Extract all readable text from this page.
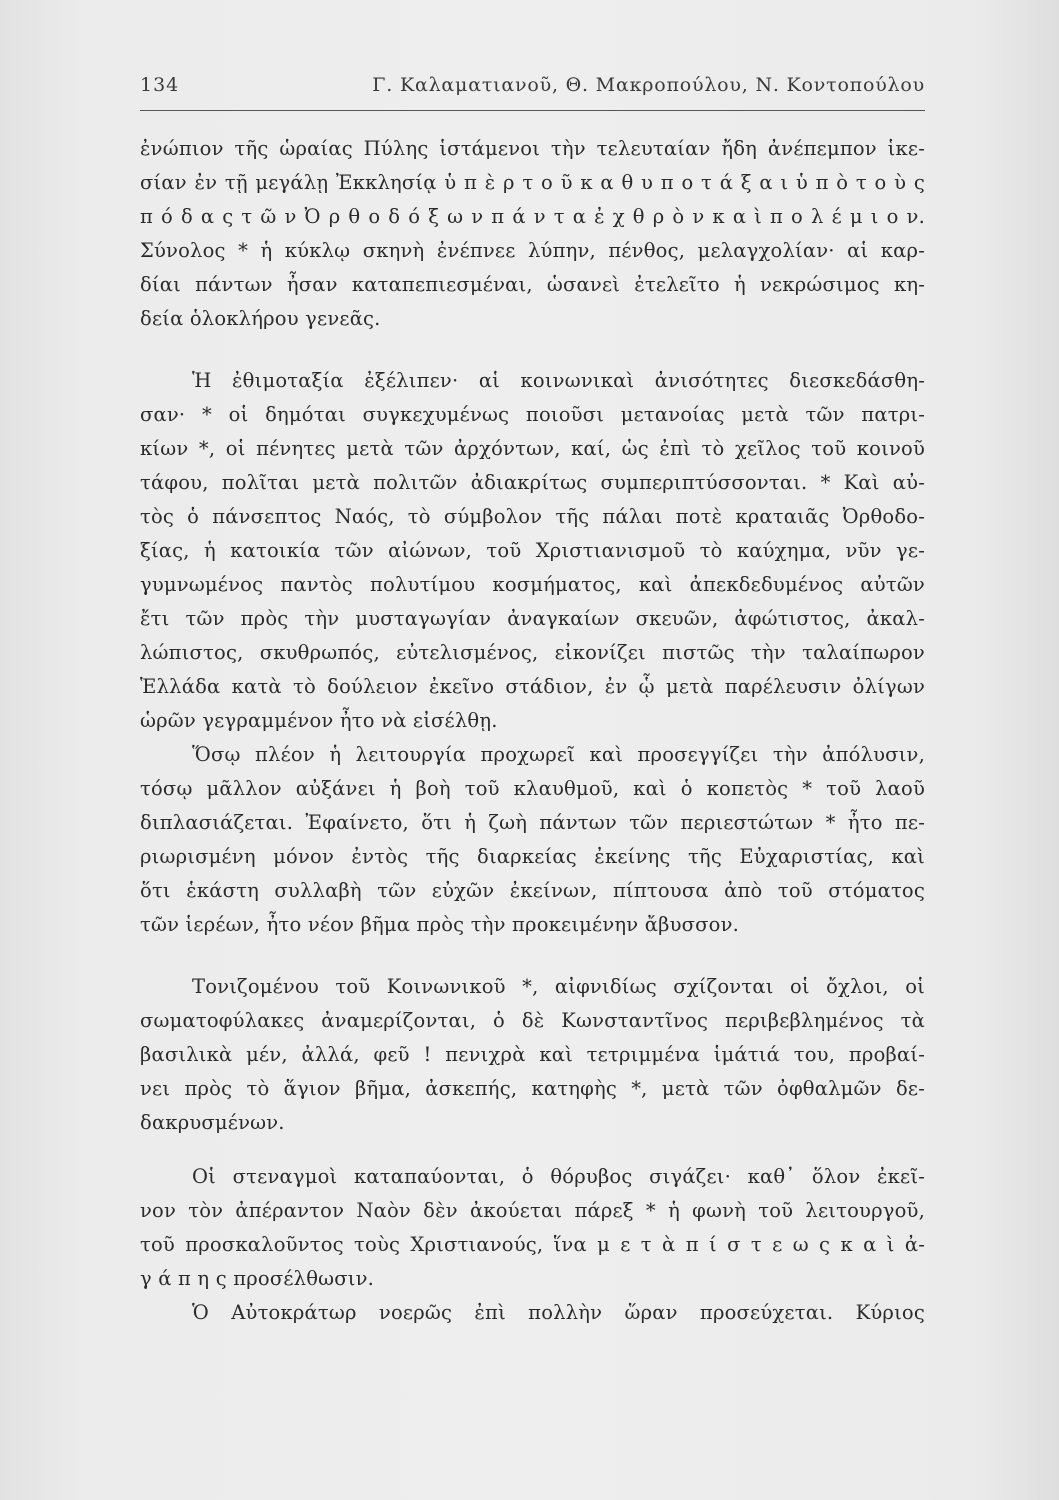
134	Γ. Καλαματιανοῦ, Θ. Μακροπούλου, Ν. Κοντοπούλου
ἐνώπιον τῆς ὡραίας Πύλης ἱστάμενοι τὴν τελευταίαν ἤδη ἀνέπεμπον ἱκε-
σίαν ἐν τῇ μεγάλῃ Ἐκκλησίᾳ ὑ π ὲ ρ τ ο ῦ κ α θ υ π ο τ ά ξ α ι ὑ π ὸ τ ο ὺ ς
π ό δ α ς τ ῶ ν Ὀ ρ θ ο δ ό ξ ω ν π ά ν τ α ἐ χ θ ρ ὸ ν κ α ὶ π ο λ έ μ ι ο ν.
Σύνολος * ἡ κύκλῳ σκηνὴ ἐνέπνεε λύπην, πένθος, μελαγχολίαν· αἱ καρ-
δίαι πάντων ἦσαν καταπεπιεσμέναι, ὡσανεὶ ἐτελεῖτο ἡ νεκρώσιμος κη-
δεία ὁλοκλήρου γενεᾶς.
Ἡ ἐθιμοταξία ἐξέλιπεν· αἱ κοινωνικαὶ ἀνισότητες διεσκεδάσθη-
σαν· * οἱ δημόται συγκεχυμένως ποιοῦσι μετανοίας μετὰ τῶν πατρι-
κίων *, οἱ πένητες μετὰ τῶν ἀρχόντων, καί, ὡς ἐπὶ τὸ χεῖλος τοῦ κοινοῦ
τάφου, πολῖται μετὰ πολιτῶν ἀδιακρίτως συμπεριπτύσσονται. * Καὶ αὐ-
τὸς ὁ πάνσεπτος Ναός, τὸ σύμβολον τῆς πάλαι ποτὲ κραταιᾶς Ὀρθοδο-
ξίας, ἡ κατοικία τῶν αἰώνων, τοῦ Χριστιανισμοῦ τὸ καύχημα, νῦν γε-
γυμνωμένος παντὸς πολυτίμου κοσμήματος, καὶ ἀπεκδεδυμένος αὐτῶν
ἔτι τῶν πρὸς τὴν μυσταγωγίαν ἀναγκαίων σκευῶν, ἀφώτιστος, ἀκαλ-
λώπιστος, σκυθρωπός, εὐτελισμένος, εἰκονίζει πιστῶς τὴν ταλαίπωρον
Ἑλλάδα κατὰ τὸ δούλειον ἐκεῖνο στάδιον, ἐν ᾧ μετὰ παρέλευσιν ὀλίγων
ὡρῶν γεγραμμένον ἦτο νὰ εἰσέλθῃ.
Ὅσῳ πλέον ἡ λειτουργία προχωρεῖ καὶ προσεγγίζει τὴν ἀπόλυσιν,
τόσῳ μᾶλλον αὐξάνει ἡ βοὴ τοῦ κλαυθμοῦ, καὶ ὁ κοπετὸς * τοῦ λαοῦ
διπλασιάζεται. Ἐφαίνετο, ὅτι ἡ ζωὴ πάντων τῶν περιεστώτων * ἦτο πε-
ριωρισμένη μόνον ἐντὸς τῆς διαρκείας ἐκείνης τῆς Εὐχαριστίας, καὶ
ὅτι ἑκάστη συλλαβὴ τῶν εὐχῶν ἐκείνων, πίπτουσα ἀπὸ τοῦ στόματος
τῶν ἱερέων, ἦτο νέον βῆμα πρὸς τὴν προκειμένην ἄβυσσον.
Τονιζομένου τοῦ Κοινωνικοῦ *, αἰφνιδίως σχίζονται οἱ ὄχλοι, οἱ
σωματοφύλακες ἀναμερίζονται, ὁ δὲ Κωνσταντῖνος περιβεβλημένος τὰ
βασιλικὰ μέν, ἀλλά, φεῦ ! πενιχρὰ καὶ τετριμμένα ἱμάτιά του, προβαί-
νει πρὸς τὸ ἅγιον βῆμα, ἀσκεπής, κατηφὴς *, μετὰ τῶν ὀφθαλμῶν δε-
δακρυσμένων.
Οἱ στεναγμοὶ καταπαύονται, ὁ θόρυβος σιγάζει· καθ᾽ ὅλον ἐκεῖ-
νον τὸν ἀπέραντον Ναὸν δὲν ἀκούεται πάρεξ * ἡ φωνὴ τοῦ λειτουργοῦ,
τοῦ προσκαλοῦντος τοὺς Χριστιανούς, ἵνα μ ε τ ὰ π ί σ τ ε ω ς κ α ὶ ἀ-
γ ά π η ς προσέλθωσιν.
Ὁ Αὐτοκράτωρ νοερῶς ἐπὶ πολλὴν ὥραν προσεύχεται. Κύριος
